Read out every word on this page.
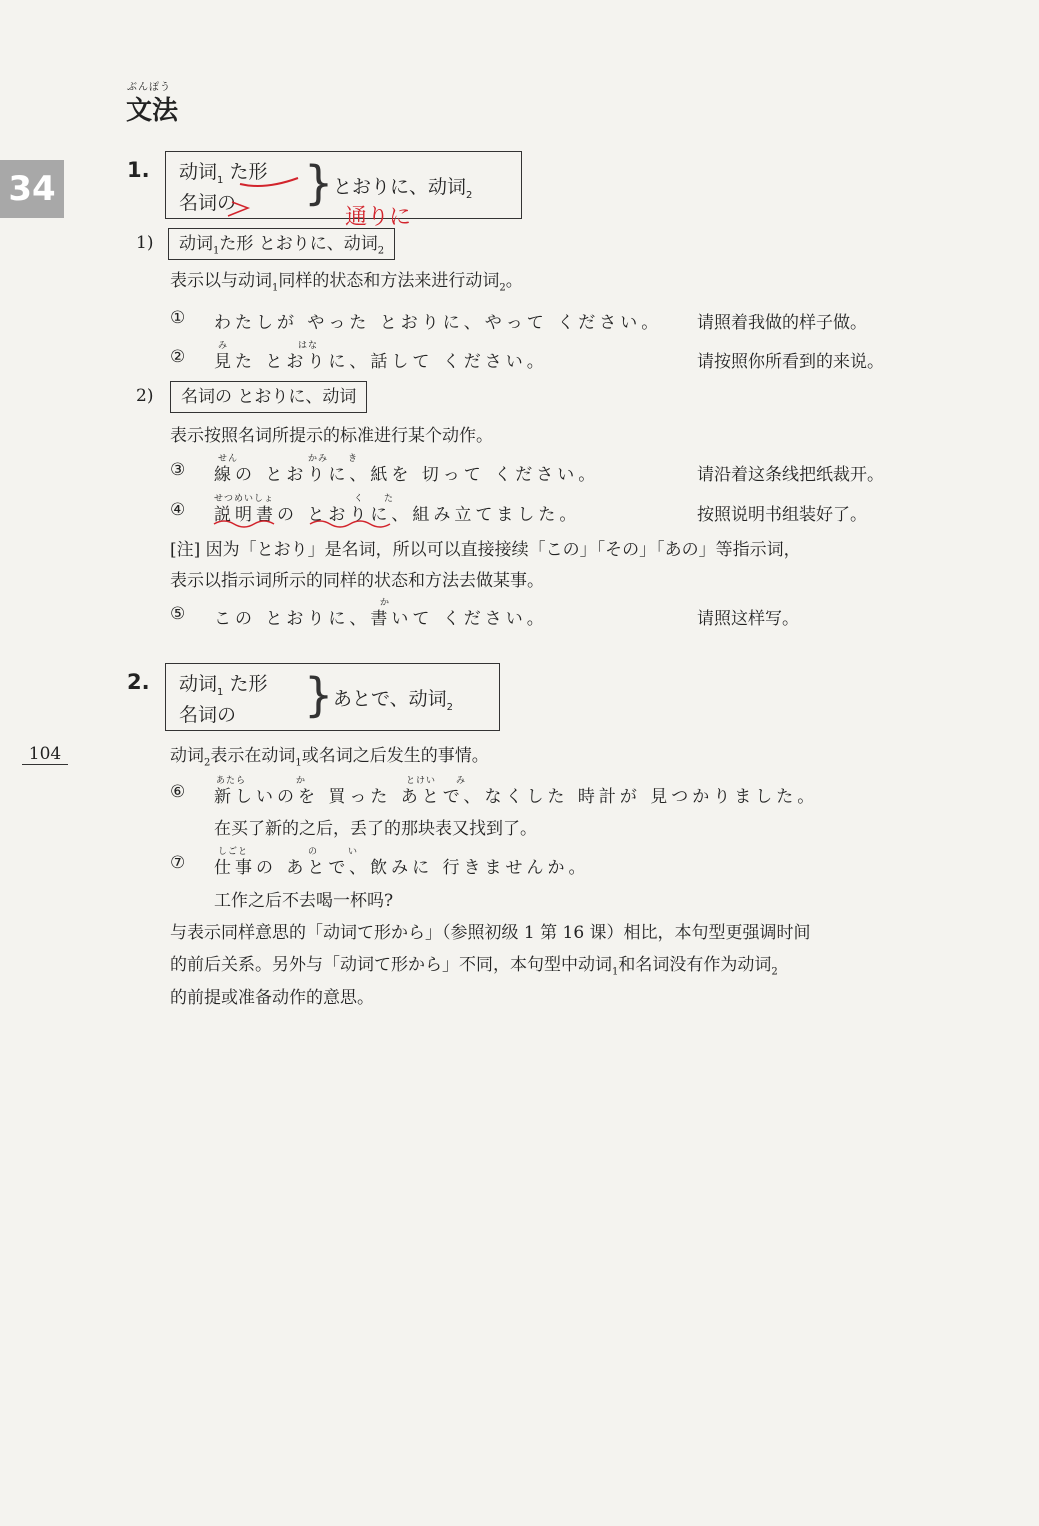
ぶんぽう
文法
34
104
1. 动词$_1$ た形
名词の } とおりに、动词$_2$
通りに
1)	动词$_1$た形 とおりに、动词$_2$
表示以与动词$_1$同样的状态和方法来进行动词$_2$。
① わたしが やった とおりに、やって ください。 请照着我做的样子做。
み　　　　　　　はな
② 見た とおりに、話して ください。	请按照你所看到的来说。
2)	名词の とおりに、动词
表示按照名词所提示的标准进行某个动作。
せん　　　　　　　かみ　　き
③ 線の とおりに、紙を 切って ください。	请沿着这条线把纸裁开。
せつめいしょ　　　　　　　　く　　た
④ 説明書の とおりに、組み立てました。	按照说明书组装好了。
[注] 因为「とおり」是名词，所以可以直接接续「この」「その」「あの」等指示词，
表示以指示词所示的同样的状态和方法去做某事。
か
⑤ この とおりに、書いて ください。	请照这样写。
2. 动词$_1$ た形
名词の } あとで、动词$_2$
动词$_2$表示在动词$_1$或名词之后发生的事情。
あたら　　　　　か　　　　　　　　　　とけい　　み
⑥ 新しいのを 買った あとで、なくした 時計が 見つかりました。
在买了新的之后，丢了的那块表又找到了。
しごと　　　　　　の　　　い
⑦ 仕事の あとで、飲みに 行きませんか。
工作之后不去喝一杯吗?
与表示同样意思的「动词て形から」（参照初级 1 第 16 课）相比，本句型更强调时间
的前后关系。另外与「动词て形から」不同，本句型中动词$_1$和名词没有作为动词$_2$
的前提或准备动作的意思。
